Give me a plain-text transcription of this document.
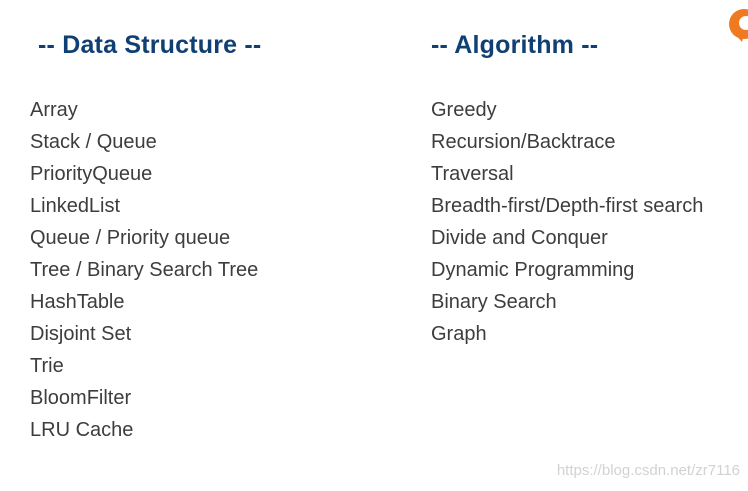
-- Data Structure --
Array
Stack / Queue
PriorityQueue
LinkedList
Queue / Priority queue
Tree / Binary Search Tree
HashTable
Disjoint Set
Trie
BloomFilter
LRU Cache
-- Algorithm --
Greedy
Recursion/Backtrace
Traversal
Breadth-first/Depth-first search
Divide and Conquer
Dynamic Programming
Binary Search
Graph
https://blog.csdn.net/zr7116
